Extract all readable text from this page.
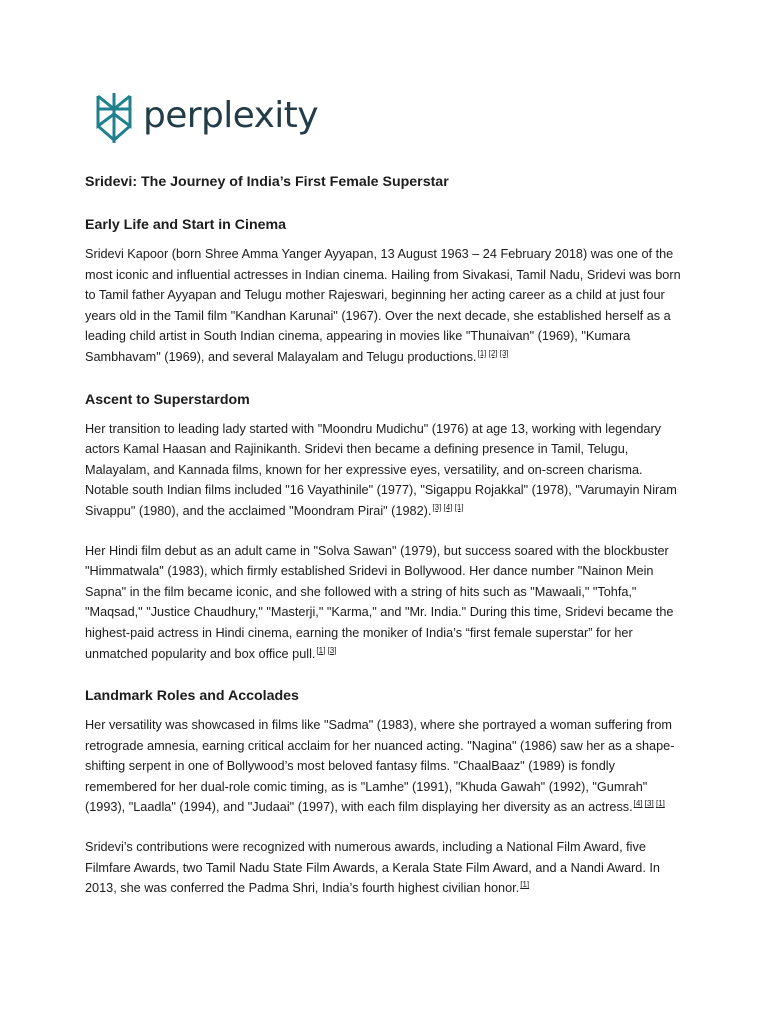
perplexity
Sridevi: The Journey of India’s First Female Superstar
Early Life and Start in Cinema

Sridevi Kapoor (born Shree Amma Yanger Ayyapan, 13 August 1963 – 24 February 2018) was one of the most iconic and influential actresses in Indian cinema. Hailing from Sivakasi, Tamil Nadu, Sridevi was born to Tamil father Ayyapan and Telugu mother Rajeswari, beginning her acting career as a child at just four years old in the Tamil film "Kandhan Karunai" (1967). Over the next decade, she established herself as a leading child artist in South Indian cinema, appearing in movies like "Thunaivan" (1969), "Kumara Sambhavam" (1969), and several Malayalam and Telugu productions.[1] [2] [3]

Ascent to Superstardom

Her transition to leading lady started with "Moondru Mudichu" (1976) at age 13, working with legendary actors Kamal Haasan and Rajinikanth. Sridevi then became a defining presence in Tamil, Telugu, Malayalam, and Kannada films, known for her expressive eyes, versatility, and on-screen charisma. Notable south Indian films included "16 Vayathinile" (1977), "Sigappu Rojakkal" (1978), "Varumayin Niram Sivappu" (1980), and the acclaimed "Moondram Pirai" (1982).[3] [4] [1]

Her Hindi film debut as an adult came in "Solva Sawan" (1979), but success soared with the blockbuster "Himmatwala" (1983), which firmly established Sridevi in Bollywood. Her dance number "Nainon Mein Sapna" in the film became iconic, and she followed with a string of hits such as "Mawaali," "Tohfa," "Maqsad," "Justice Chaudhury," "Masterji," "Karma," and "Mr. India." During this time, Sridevi became the highest-paid actress in Hindi cinema, earning the moniker of India’s “first female superstar” for her unmatched popularity and box office pull.[1] [3]

Landmark Roles and Accolades

Her versatility was showcased in films like "Sadma" (1983), where she portrayed a woman suffering from retrograde amnesia, earning critical acclaim for her nuanced acting. "Nagina" (1986) saw her as a shape-shifting serpent in one of Bollywood’s most beloved fantasy films. "ChaalBaaz" (1989) is fondly remembered for her dual-role comic timing, as is "Lamhe" (1991), "Khuda Gawah" (1992), "Gumrah" (1993), "Laadla" (1994), and "Judaai" (1997), with each film displaying her diversity as an actress.[4] [3] [1]

Sridevi’s contributions were recognized with numerous awards, including a National Film Award, five Filmfare Awards, two Tamil Nadu State Film Awards, a Kerala State Film Award, and a Nandi Award. In 2013, she was conferred the Padma Shri, India’s fourth highest civilian honor.[1]
